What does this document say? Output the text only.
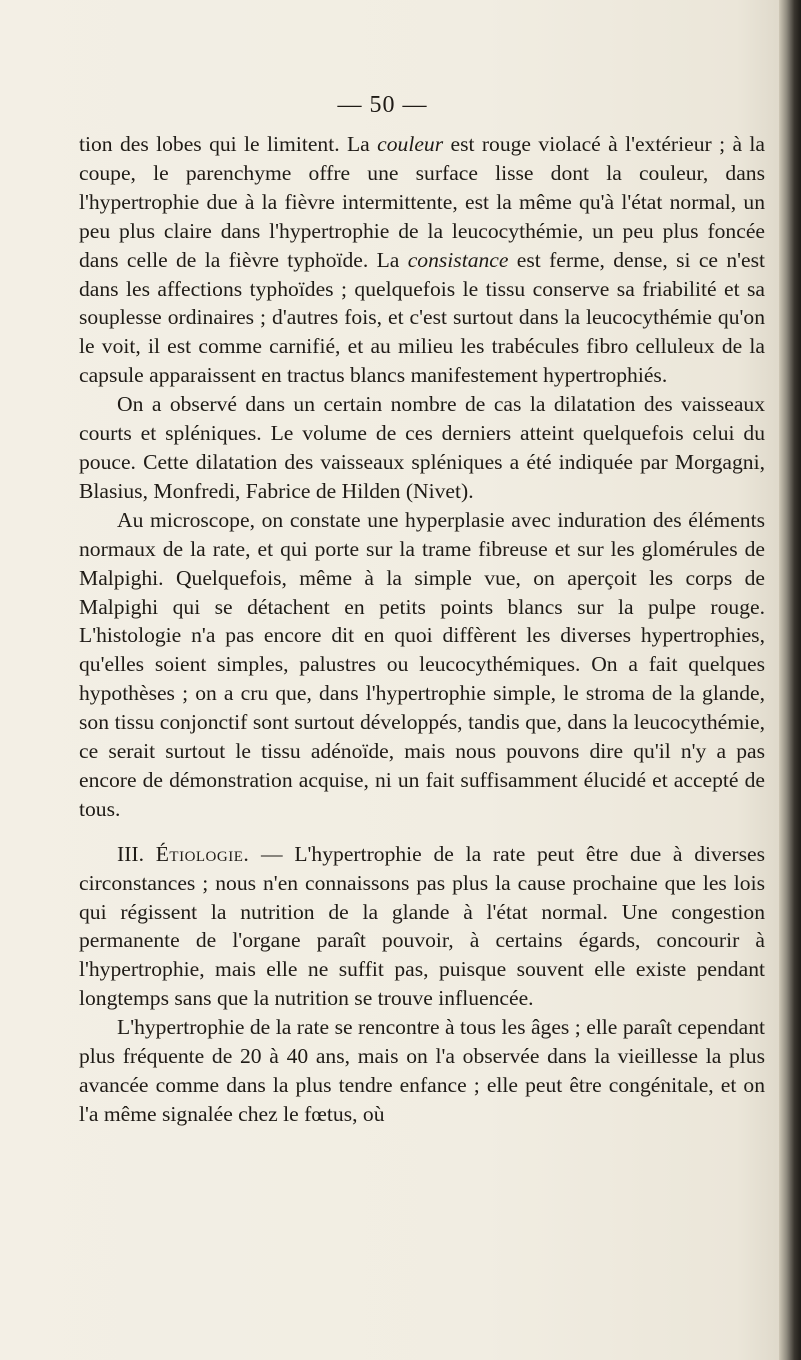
— 50 —

tion des lobes qui le limitent. La couleur est rouge violacé à l'extérieur ; à la coupe, le parenchyme offre une surface lisse dont la couleur, dans l'hypertrophie due à la fièvre intermittente, est la même qu'à l'état normal, un peu plus claire dans l'hypertrophie de la leucocythémie, un peu plus foncée dans celle de la fièvre typhoïde. La consistance est ferme, dense, si ce n'est dans les affections typhoïdes ; quelquefois le tissu conserve sa friabilité et sa souplesse ordinaires ; d'autres fois, et c'est surtout dans la leucocythémie qu'on le voit, il est comme carnifié, et au milieu les trabécules fibro celluleux de la capsule apparaissent en tractus blancs manifestement hypertrophiés.

On a observé dans un certain nombre de cas la dilatation des vaisseaux courts et spléniques. Le volume de ces derniers atteint quelquefois celui du pouce. Cette dilatation des vaisseaux spléniques a été indiquée par Morgagni, Blasius, Monfredi, Fabrice de Hilden (Nivet).

Au microscope, on constate une hyperplasie avec induration des éléments normaux de la rate, et qui porte sur la trame fibreuse et sur les glomérules de Malpighi. Quelquefois, même à la simple vue, on aperçoit les corps de Malpighi qui se détachent en petits points blancs sur la pulpe rouge. L'histologie n'a pas encore dit en quoi diffèrent les diverses hypertrophies, qu'elles soient simples, palustres ou leucocythémiques. On a fait quelques hypothèses ; on a cru que, dans l'hypertrophie simple, le stroma de la glande, son tissu conjonctif sont surtout développés, tandis que, dans la leucocythémie, ce serait surtout le tissu adénoïde, mais nous pouvons dire qu'il n'y a pas encore de démonstration acquise, ni un fait suffisamment élucidé et accepté de tous.

III. Étiologie. — L'hypertrophie de la rate peut être due à diverses circonstances ; nous n'en connaissons pas plus la cause prochaine que les lois qui régissent la nutrition de la glande à l'état normal. Une congestion permanente de l'organe paraît pouvoir, à certains égards, concourir à l'hypertrophie, mais elle ne suffit pas, puisque souvent elle existe pendant longtemps sans que la nutrition se trouve influencée.

L'hypertrophie de la rate se rencontre à tous les âges ; elle paraît cependant plus fréquente de 20 à 40 ans, mais on l'a observée dans la vieillesse la plus avancée comme dans la plus tendre enfance ; elle peut être congénitale, et on l'a même signalée chez le fœtus, où
